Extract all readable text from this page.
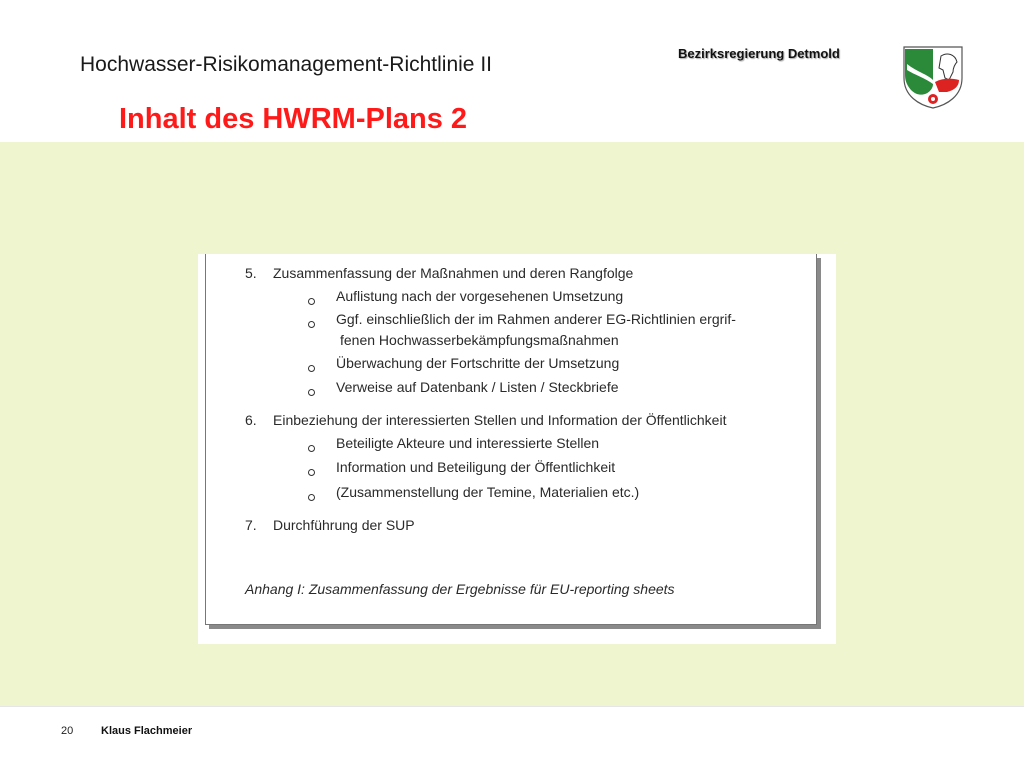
Hochwasser-Risikomanagement-Richtlinie II	Bezirksregierung Detmold
Inhalt des HWRM-Plans 2
5. Zusammenfassung der Maßnahmen und deren Rangfolge
Auflistung nach der vorgesehenen Umsetzung
Ggf. einschließlich der im Rahmen anderer EG-Richtlinien ergrif-
fenen Hochwasserbekämpfungsmaßnahmen
Überwachung der Fortschritte der Umsetzung
Verweise auf Datenbank / Listen / Steckbriefe
6. Einbeziehung der interessierten Stellen und Information der Öffentlichkeit
Beteiligte Akteure und interessierte Stellen
Information und Beteiligung der Öffentlichkeit
(Zusammenstellung der Temine, Materialien etc.)
7. Durchführung der SUP
Anhang I: Zusammenfassung der Ergebnisse für EU-reporting sheets
20	Klaus Flachmeier
